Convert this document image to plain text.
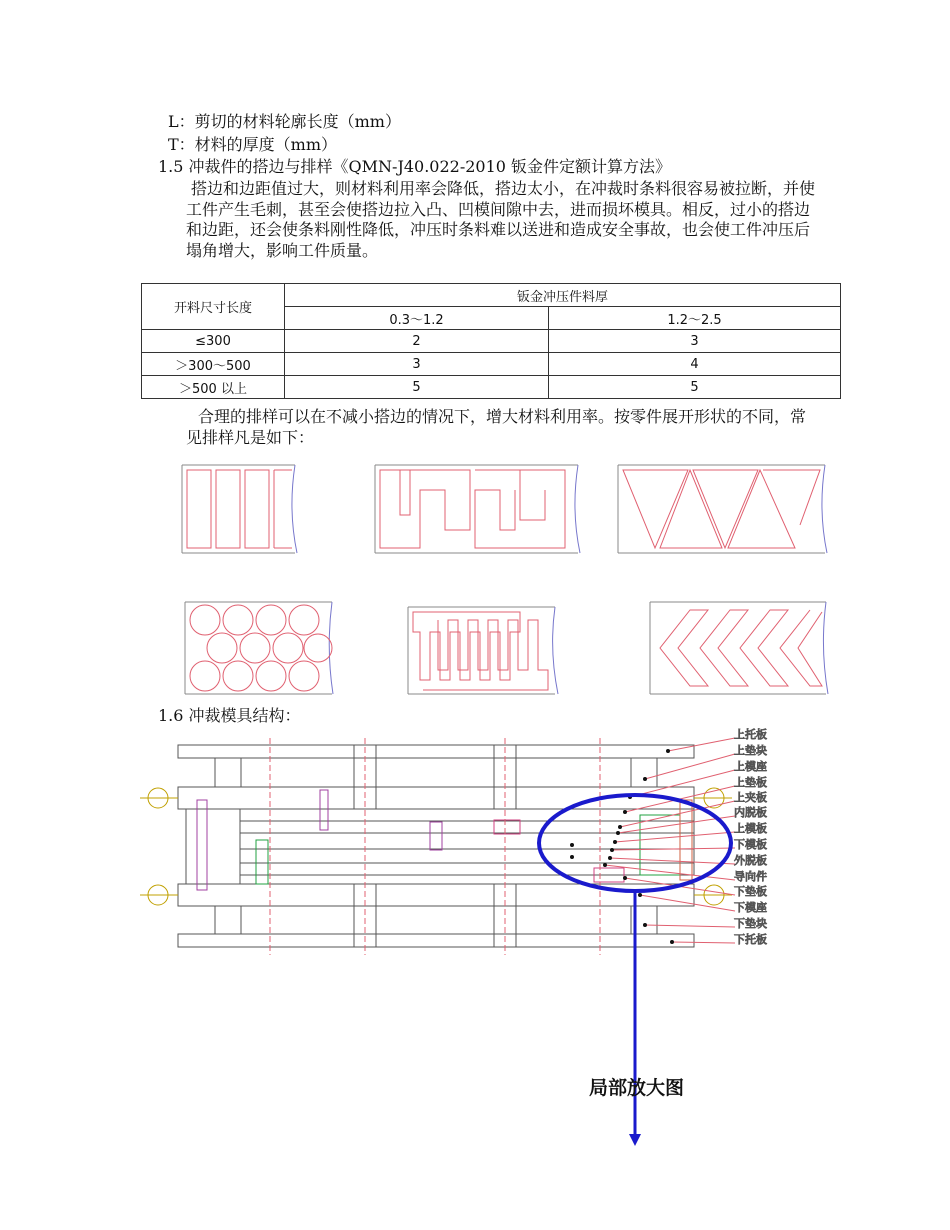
L：剪切的材料轮廓长度（mm）
T：材料的厚度（mm）
1.5 冲裁件的搭边与排样《QMN-J40.022-2010 钣金件定额计算方法》
搭边和边距值过大，则材料利用率会降低，搭边太小，在冲裁时条料很容易被拉断，并使工件产生毛刺，甚至会使搭边拉入凸、凹模间隙中去，进而损坏模具。相反，过小的搭边和边距，还会使条料刚性降低，冲压时条料难以送进和造成安全事故，也会使工件冲压后塌角增大，影响工件质量。
开料尺寸长度	钣金冲压件料厚	
	0.3～1.2	1.2～2.5
≤300	2	3
＞300～500	3	4
＞500 以上	5	5
合理的排样可以在不减小搭边的情况下，增大材料利用率。按零件展开形状的不同，常见排样凡是如下：
1.6 冲裁模具结构：
上托板
上垫块
上模座
上垫板
上夹板
内脱板
上模板
下模板
外脱板
导向件
下垫板
下模座
下垫块
下托板
局部放大图
